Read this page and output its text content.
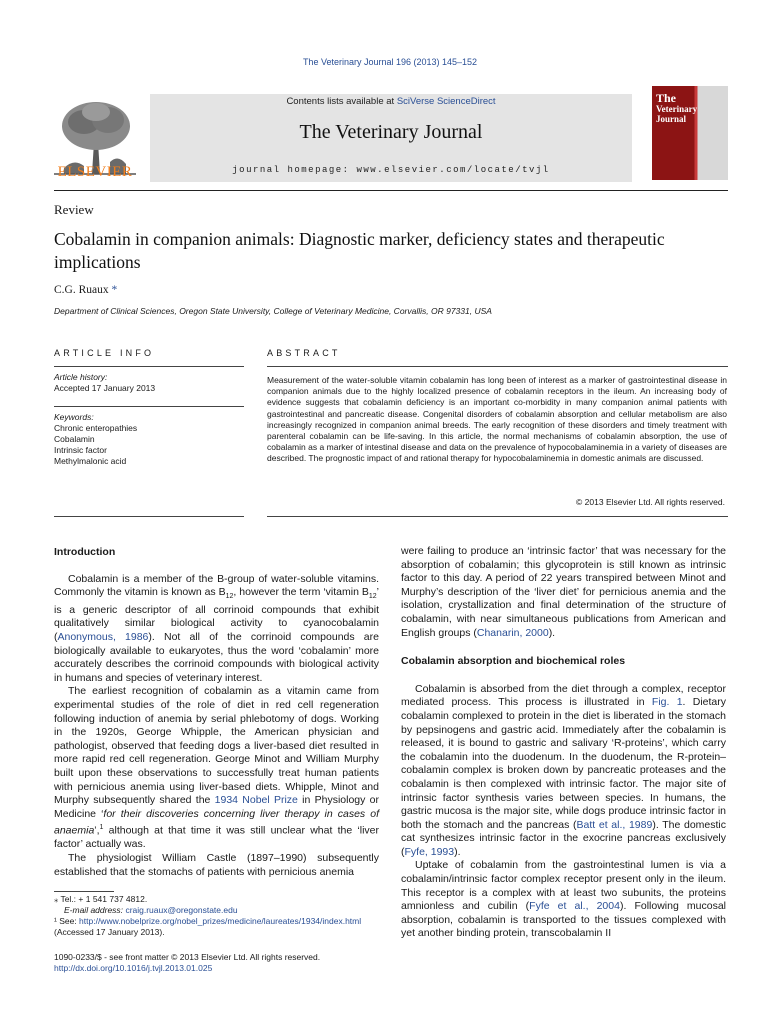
The Veterinary Journal 196 (2013) 145–152
ELSEVIER
Contents lists available at SciVerse ScienceDirect
The Veterinary Journal
journal homepage: www.elsevier.com/locate/tvjl
The
Veterinary Journal
Review
Cobalamin in companion animals: Diagnostic marker, deficiency states and therapeutic implications
C.G. Ruaux *
Department of Clinical Sciences, Oregon State University, College of Veterinary Medicine, Corvallis, OR 97331, USA
ARTICLE INFO	ABSTRACT
Article history:
Accepted 17 January 2013
Keywords:
Chronic enteropathies
Cobalamin
Intrinsic factor
Methylmalonic acid
Measurement of the water-soluble vitamin cobalamin has long been of interest as a marker of gastrointestinal disease in companion animals due to the highly localized presence of cobalamin receptors in the ileum. An increasing body of evidence suggests that cobalamin deficiency is an important co-morbidity in many companion animal patients with gastrointestinal and pancreatic disease. Congenital disorders of cobalamin absorption and cellular metabolism are also increasingly recognized in companion animal breeds. The early recognition of these disorders and timely treatment with parenteral cobalamin can be life-saving. In this article, the normal mechanisms of cobalamin absorption, the use of cobalamin as a marker of intestinal disease and data on the prevalence of hypocobalaminemia in a variety of diseases are described. The prognostic impact of and rational therapy for hypocobalaminemia in domestic animals are discussed.
© 2013 Elsevier Ltd. All rights reserved.
Introduction

Cobalamin is a member of the B-group of water-soluble vitamins. Commonly the vitamin is known as $B_{12}$, however the term ‘vitamin $B_{12}$’ is a generic descriptor of all corrinoid compounds that exhibit qualitatively similar biological activity to cyanocobalamin (Anonymous, 1986). Not all of the corrinoid compounds are biologically available to eukaryotes, thus the word ‘cobalamin’ more accurately describes the corrinoid compounds with biological activity in humans and species of veterinary interest.

The earliest recognition of cobalamin as a vitamin came from experimental studies of the role of diet in red cell regeneration following induction of anemia by serial phlebotomy of dogs. Working in the 1920s, George Whipple, the American physician and pathologist, observed that feeding dogs a liver-based diet resulted in more rapid red cell regeneration. George Minot and William Murphy built upon these observations to successfully treat human patients with pernicious anemia using liver-based diets. Whipple, Minot and Murphy subsequently shared the 1934 Nobel Prize in Physiology or Medicine ‘for their discoveries concerning liver therapy in cases of anaemia’,$^1$ although at that time it was still unclear what the ‘liver factor’ actually was.

The physiologist William Castle (1897–1990) subsequently established that the stomachs of patients with pernicious anemia

⁎ Tel.: + 1 541 737 4812.
E-mail address: craig.ruaux@oregonstate.edu
¹ See: http://www.nobelprize.org/nobel_prizes/medicine/laureates/1934/index.html (Accessed 17 January 2013).
1090-0233/$ - see front matter © 2013 Elsevier Ltd. All rights reserved.
http://dx.doi.org/10.1016/j.tvjl.2013.01.025

were failing to produce an ‘intrinsic factor’ that was necessary for the absorption of cobalamin; this glycoprotein is still known as intrinsic factor to this day. A period of 22 years transpired between Minot and Murphy’s description of the ‘liver diet’ for pernicious anemia and the isolation, crystallization and final determination of the structure of cobalamin, with near simultaneous publications from American and English groups (Chanarin, 2000).

Cobalamin absorption and biochemical roles

Cobalamin is absorbed from the diet through a complex, receptor mediated process. This process is illustrated in Fig. 1. Dietary cobalamin complexed to protein in the diet is liberated in the stomach by pepsinogens and gastric acid. Immediately after the cobalamin is released, it is bound to gastric and salivary ‘R-proteins’, which carry the cobalamin into the duodenum. In the duodenum, the R-protein–cobalamin complex is broken down by pancreatic proteases and the cobalamin is then complexed with intrinsic factor. The major site of intrinsic factor synthesis varies between species. In humans, the gastric mucosa is the major site, while dogs produce intrinsic factor in both the stomach and the pancreas (Batt et al., 1989). The domestic cat synthesizes intrinsic factor in the exocrine pancreas exclusively (Fyfe, 1993).

Uptake of cobalamin from the gastrointestinal lumen is via a cobalamin/intrinsic factor complex receptor present only in the ileum. This receptor is a complex with at least two subunits, the proteins amnionless and cubilin (Fyfe et al., 2004). Following mucosal absorption, cobalamin is transported to the tissues complexed with yet another binding protein, transcobalamin II
